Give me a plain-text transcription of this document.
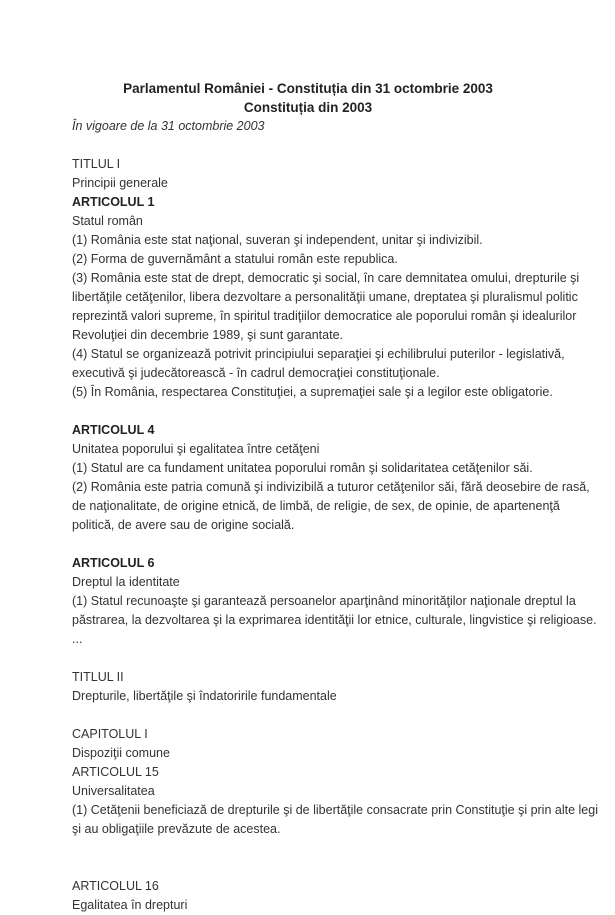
Parlamentul României - Constituția din 31 octombrie 2003
Constituția din 2003
În vigoare de la 31 octombrie 2003
TITLUL I
Principii generale
ARTICOLUL 1
Statul român
(1) România este stat naţional, suveran şi independent, unitar şi indivizibil.
(2) Forma de guvernământ a statului român este republica.
(3) România este stat de drept, democratic şi social, în care demnitatea omului, drepturile şi
libertăţile cetăţenilor, libera dezvoltare a personalităţii umane, dreptatea şi pluralismul politic
reprezintă valori supreme, în spiritul tradiţiilor democratice ale poporului român şi idealurilor
Revoluţiei din decembrie 1989, şi sunt garantate.
(4) Statul se organizează potrivit principiului separaţiei şi echilibrului puterilor - legislativă,
executivă şi judecătorească - în cadrul democraţiei constituţionale.
(5) În România, respectarea Constituţiei, a supremaţiei sale şi a legilor este obligatorie.
ARTICOLUL 4
Unitatea poporului şi egalitatea între cetăţeni
(1) Statul are ca fundament unitatea poporului român şi solidaritatea cetăţenilor săi.
(2) România este patria comună şi indivizibilă a tuturor cetăţenilor săi, fără deosebire de rasă,
de naţionalitate, de origine etnică, de limbă, de religie, de sex, de opinie, de apartenenţă
politică, de avere sau de origine socială.
ARTICOLUL 6
Dreptul la identitate
(1) Statul recunoaşte şi garantează persoanelor aparţinând minorităţilor naţionale dreptul la
păstrarea, la dezvoltarea şi la exprimarea identităţii lor etnice, culturale, lingvistice şi religioase.
...
TITLUL II
Drepturile, libertăţile şi îndatoririle fundamentale
CAPITOLUL I
Dispoziţii comune
ARTICOLUL 15
Universalitatea
(1) Cetăţenii beneficiază de drepturile şi de libertăţile consacrate prin Constituţie şi prin alte legi
şi au obligaţiile prevăzute de acestea.
ARTICOLUL 16
Egalitatea în drepturi
